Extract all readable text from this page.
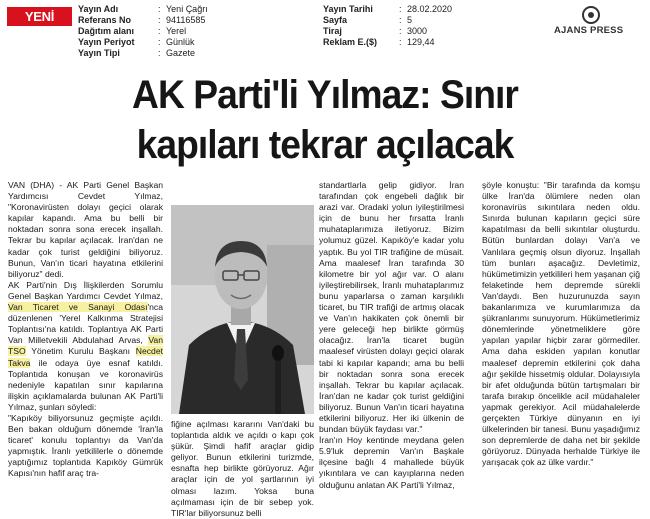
YENİ ÇAĞRI
Yayın Adı	: Yeni Çağrı
Referans No	: 94116585
Dağıtım alanı	: Yerel
Yayın Periyot	: Günlük
Yayın Tipi	: Gazete
Yayın Tarihi	: 28.02.2020
Sayfa	: 5
Tiraj	: 3000
Reklam E.($) : 129,44
AJANS PRESS
AK Parti'li Yılmaz: Sınır
kapıları tekrar açılacak

VAN (DHA) - AK Parti Genel Başkan Yardımcısı Cevdet Yılmaz, "Koronavirüsten dolayı geçici olarak kapılar kapandı. Ama bu belli bir noktadan sonra sona erecek inşallah. Tekrar bu kapılar açılacak. İran'dan ne kadar çok turist geldiğini biliyoruz. Bunun, Van'ın ticari hayatına etkilerini biliyoruz" dedi.

AK Parti'nin Dış İlişkilerden Sorumlu Genel Başkan Yardımcı Cevdet Yılmaz, Van Ticaret ve Sanayi Odası'nca düzenlenen 'Yerel Kalkınma Stratejisi Toplantısı'na katıldı. Toplantıya AK Parti Van Milletvekili Abdulahad Arvas, Van TSO Yönetim Kurulu Başkanı Necdet Takva ile odaya üye esnaf katıldı. Toplantıda konuşan ve koronavirüs nedeniyle kapatılan sınır kapılarına ilişkin açıklamalarda bulunan AK Parti'li Yılmaz, şunları söyledi:

"Kapıköy biliyorsunuz geçmişte açıldı. Ben bakan olduğum dönemde 'İran'la ticaret' konulu toplantıyı da Van'da yapmıştık. İranlı yetkililerle o dönemde yaptığımız toplantıda Kapıköy Gümrük Kapısı'nın hafif araç tra-

fiğine açılması kararını Van'daki bu toplantıda aldık ve açıldı o kapı çok şükür. Şimdi hafif araçlar gidip geliyor. Bunun etkilerini turizmde, esnafta hep birlikte görüyoruz. Ağır araçlar için de yol şartlarının iyi olması lazım. Yoksa buna açılmaması için de bir sebep yok. TIR'lar biliyorsunuz belli

standartlarla gelip gidiyor. İran tarafından çok engebeli dağlık bir arazi var. Oradaki yolun iyileştirilmesi için de bunu her fırsatta İranlı muhataplarımıza iletiyoruz. Bizim yolumuz güzel. Kapıköy'e kadar yolu yaptık. Bu yol TIR trafiğine de müsait. Ama maalesef İran tarafında 30 kilometre bir yol ağır var. O alanı iyileştirebilirsek, İranlı muhataplarımız bunu yaparlarsa o zaman karşılıklı ticaret, bu TIR trafiği de artmış olacak ve Van'ın hakikaten çok önemli bir yere geleceği hep birlikte görmüş olacağız. İran'la ticaret bugün maalesef virüsten dolayı geçici olarak tabi ki kapılar kapandı; ama bu belli bir noktadan sonra sona erecek inşallah. Tekrar bu kapılar açılacak. İran'dan ne kadar çok turist geldiğini biliyoruz. Bunun Van'ın ticari hayatına etkilerini biliyoruz. Her iki ülkenin de bundan büyük faydası var."

İran'ın Hoy kentinde meydana gelen 5.9'luk depremin Van'ın Başkale ilçesine bağlı 4 mahallede büyük yıkıntılara ve can kayıplarına neden olduğunu anlatan AK Parti'li Yılmaz,

şöyle konuştu: "Bir tarafında da komşu ülke İran'da ölümlere neden olan koronavirüs sıkıntılara neden oldu. Sınırda bulunan kapıların geçici süre kapatılması da belli sıkıntılar oluşturdu. Bütün bunlardan dolayı Van'a ve Vanlılara geçmiş olsun diyoruz. İnşallah tüm bunları aşacağız. Devletimiz, hükümetimizin yetkilileri hem yaşanan çiğ felaketinde hem depremde sürekli Van'daydı. Ben huzurunuzda sayın bakanlarımıza ve kurumlarımıza da şükranlarımı sunuyorum. Hükümetlerimiz dönemlerinde yönetmeliklere göre yapılan yapılar hiçbir zarar görmediler. Ama daha eskiden yapılan konutlar maalesef depremin etkilerini çok daha ağır şekilde hissetmiş oldular. Dolayısıyla bir afet olduğunda bütün tartışmaları bir tarafa bırakıp öncelikle acil müdahaleler yapmak gerekiyor. Acil müdahalelerde gerçekten Türkiye dünyanın en iyi ülkelerinden bir tanesi. Bunu yaşadığımız son depremlerde de daha net bir şekilde görüyoruz. Dünyada herhalde Türkiye ile yarışacak çok az ülke vardır."
